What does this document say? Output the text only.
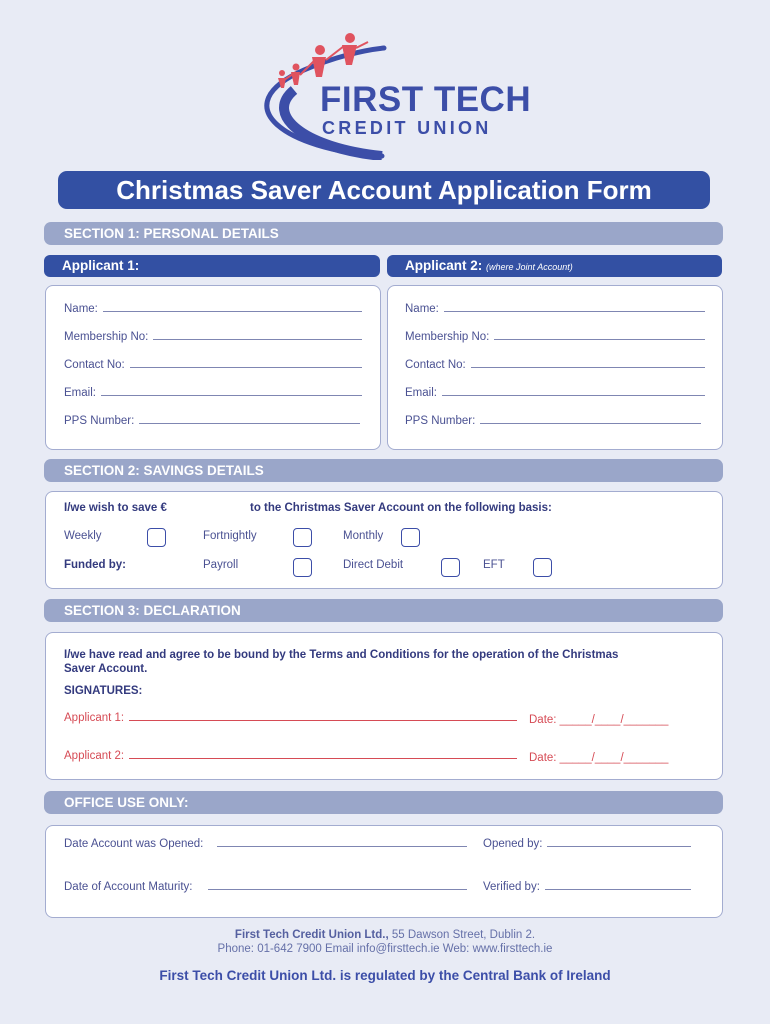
FIRST TECH
CREDIT UNION
Christmas Saver Account Application Form
SECTION 1: PERSONAL DETAILS
Applicant 1:	Applicant 2: (where Joint Account)
Name:
Membership No:
Contact No:
Email:
PPS Number:
Name:
Membership No:
Contact No:
Email:
PPS Number:
SECTION 2: SAVINGS DETAILS
I/we wish to save €	to the Christmas Saver Account on the following basis:
Weekly	Fortnightly	Monthly
Funded by:	Payroll	Direct Debit	EFT
SECTION 3: DECLARATION
I/we have read and agree to be bound by the Terms and Conditions for the operation of the Christmas
Saver Account.
SIGNATURES:
Applicant 1:	Date: _____/____/_______
Applicant 2:	Date: _____/____/_______
OFFICE USE ONLY:
Date Account was Opened:	Opened by:
Date of Account Maturity:	Verified by:
First Tech Credit Union Ltd., 55 Dawson Street, Dublin 2.
Phone: 01-642 7900 Email info@firsttech.ie Web: www.firsttech.ie
First Tech Credit Union Ltd. is regulated by the Central Bank of Ireland
